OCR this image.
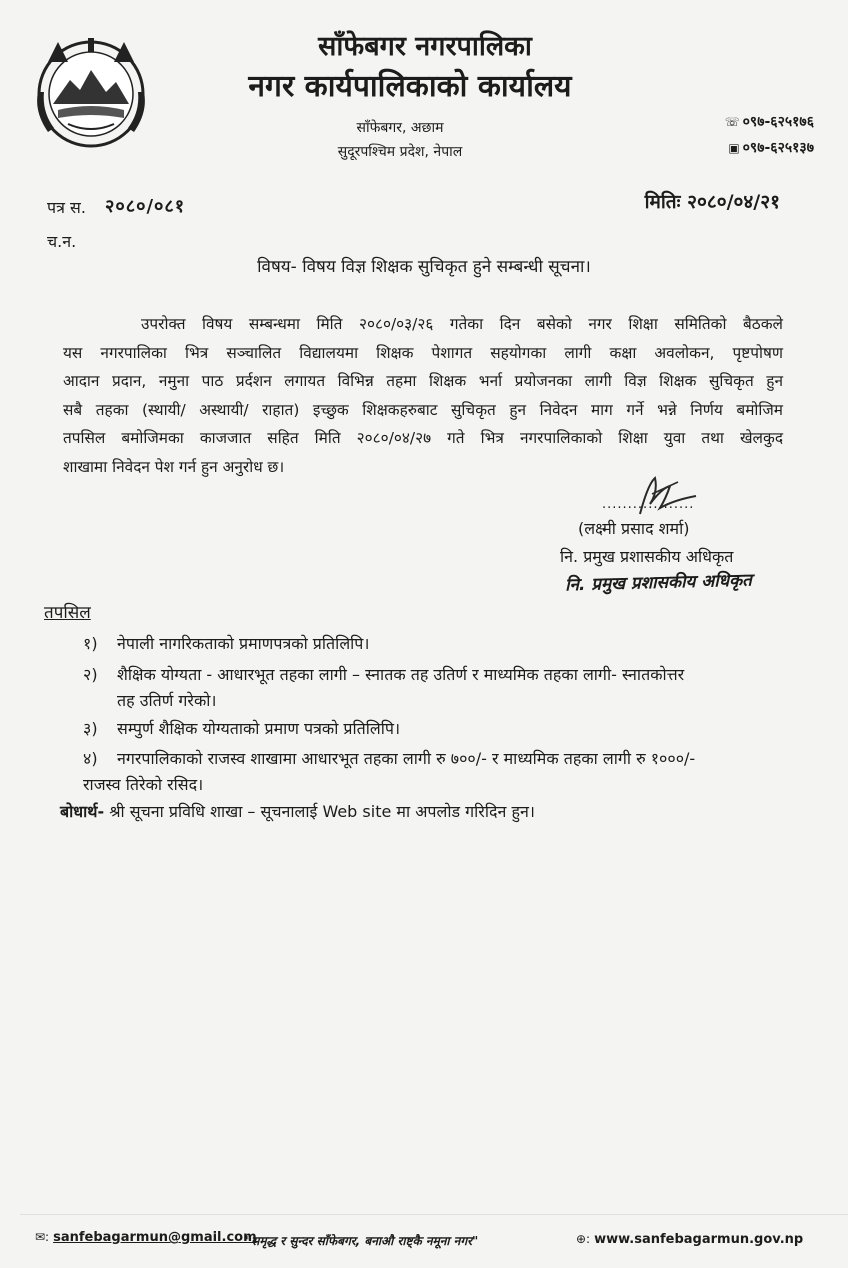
साँफेबगर नगरपालिका
नगर कार्यपालिकाको कार्यालय
साँफेबगर, अछाम
सुदूरपश्चिम प्रदेश, नेपाल
☏ ०९७-६२५१७६
▣ ०९७-६२५१३७
पत्र स. २०८०/०८१	मितिः २०८०/०४/२१
च.न.
विषय- विषय विज्ञ शिक्षक सुचिकृत हुने सम्बन्धी सूचना।
उपरोक्त विषय सम्बन्धमा मिति २०८०/०३/२६ गतेका दिन बसेको नगर शिक्षा समितिको बैठकले
यस नगरपालिका भित्र सञ्चालित विद्यालयमा शिक्षक पेशागत सहयोगका लागी कक्षा अवलोकन, पृष्टपोषण
आदान प्रदान, नमुना पाठ प्रर्दशन लगायत विभिन्न तहमा शिक्षक भर्ना प्रयोजनका लागी विज्ञ शिक्षक सुचिकृत हुन
सबै तहका (स्थायी/ अस्थायी/ राहात) इच्छुक शिक्षकहरुबाट सुचिकृत हुन निवेदन माग गर्ने भन्ने निर्णय बमोजिम
तपसिल बमोजिमका काजजात सहित मिति २०८०/०४/२७ गते भित्र नगरपालिकाको शिक्षा युवा तथा खेलकुद
शाखामा निवेदन पेश गर्न हुन अनुरोध छ।
..................
(लक्ष्मी प्रसाद शर्मा)
नि. प्रमुख प्रशासकीय अधिकृत
नि. प्रमुख प्रशासकीय अधिकृत
तपसिल
१) नेपाली नागरिकताको प्रमाणपत्रको प्रतिलिपि।
२) शैक्षिक योग्यता - आधारभूत तहका लागी – स्नातक तह उतिर्ण र माध्यमिक तहका लागी- स्नातकोत्तर
तह उतिर्ण गरेको।
३) सम्पुर्ण शैक्षिक योग्यताको प्रमाण पत्रको प्रतिलिपि।
४) नगरपालिकाको राजस्व शाखामा आधारभूत तहका लागी रु ७००/- र माध्यमिक तहका लागी रु १०००/-
राजस्व तिरेको रसिद।
बोधार्थ- श्री सूचना प्रविधि शाखा – सूचनालाई Web site मा अपलोड गरिदिन हुन।
✉: sanfebagarmun@gmail.com
"समृद्ध र सुन्दर साँफेबगर, बनाऔ राष्ट्कै नमूना नगर"	⊕: www.sanfebagarmun.gov.np
